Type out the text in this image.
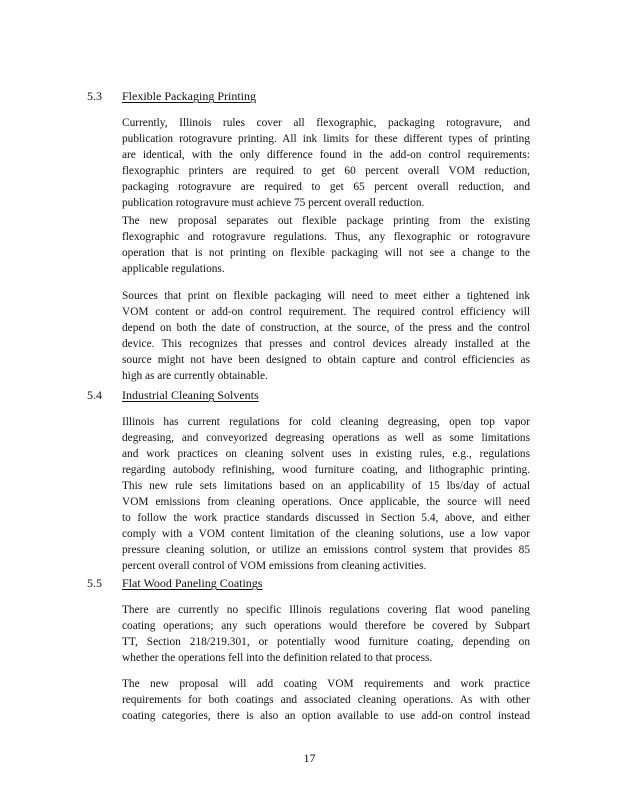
5.3 Flexible Packaging Printing

Currently, Illinois rules cover all flexographic, packaging rotogravure, and
publication rotogravure printing. All ink limits for these different types of printing
are identical, with the only difference found in the add-on control requirements:
flexographic printers are required to get 60 percent overall VOM reduction,
packaging rotogravure are required to get 65 percent overall reduction, and
publication rotogravure must achieve 75 percent overall reduction.

The new proposal separates out flexible package printing from the existing
flexographic and rotogravure regulations. Thus, any flexographic or rotogravure
operation that is not printing on flexible packaging will not see a change to the
applicable regulations.

Sources that print on flexible packaging will need to meet either a tightened ink
VOM content or add-on control requirement. The required control efficiency will
depend on both the date of construction, at the source, of the press and the control
device. This recognizes that presses and control devices already installed at the
source might not have been designed to obtain capture and control efficiencies as
high as are currently obtainable.

5.4 Industrial Cleaning Solvents

Illinois has current regulations for cold cleaning degreasing, open top vapor
degreasing, and conveyorized degreasing operations as well as some limitations
and work practices on cleaning solvent uses in existing rules, e.g., regulations
regarding autobody refinishing, wood furniture coating, and lithographic printing.
This new rule sets limitations based on an applicability of 15 lbs/day of actual
VOM emissions from cleaning operations. Once applicable, the source will need
to follow the work practice standards discussed in Section 5.4, above, and either
comply with a VOM content limitation of the cleaning solutions, use a low vapor
pressure cleaning solution, or utilize an emissions control system that provides 85
percent overall control of VOM emissions from cleaning activities.

5.5 Flat Wood Paneling Coatings

There are currently no specific Illinois regulations covering flat wood paneling
coating operations; any such operations would therefore be covered by Subpart
TT, Section 218/219.301, or potentially wood furniture coating, depending on
whether the operations fell into the definition related to that process.

The new proposal will add coating VOM requirements and work practice
requirements for both coatings and associated cleaning operations. As with other
coating categories, there is also an option available to use add-on control instead

17
